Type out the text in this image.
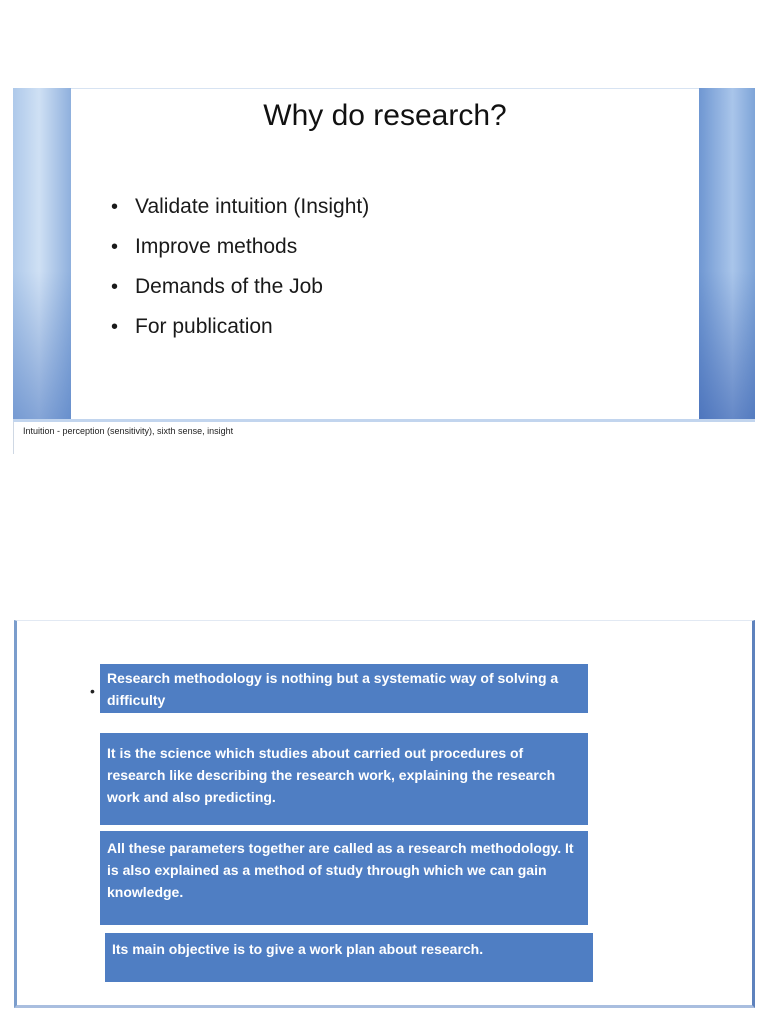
Why do research?
• Validate intuition (Insight)
• Improve methods
• Demands of the Job
• For publication
Intuition - perception (sensitivity), sixth sense, insight
•
Research methodology is nothing but a systematic way of solving a difficulty
It is the science which studies about carried out procedures of research like describing the research work, explaining the research work and also predicting.
All these parameters together are called as a research methodology. It is also explained as a method of study through which we can gain knowledge.
Its main objective is to give a work plan about research.
